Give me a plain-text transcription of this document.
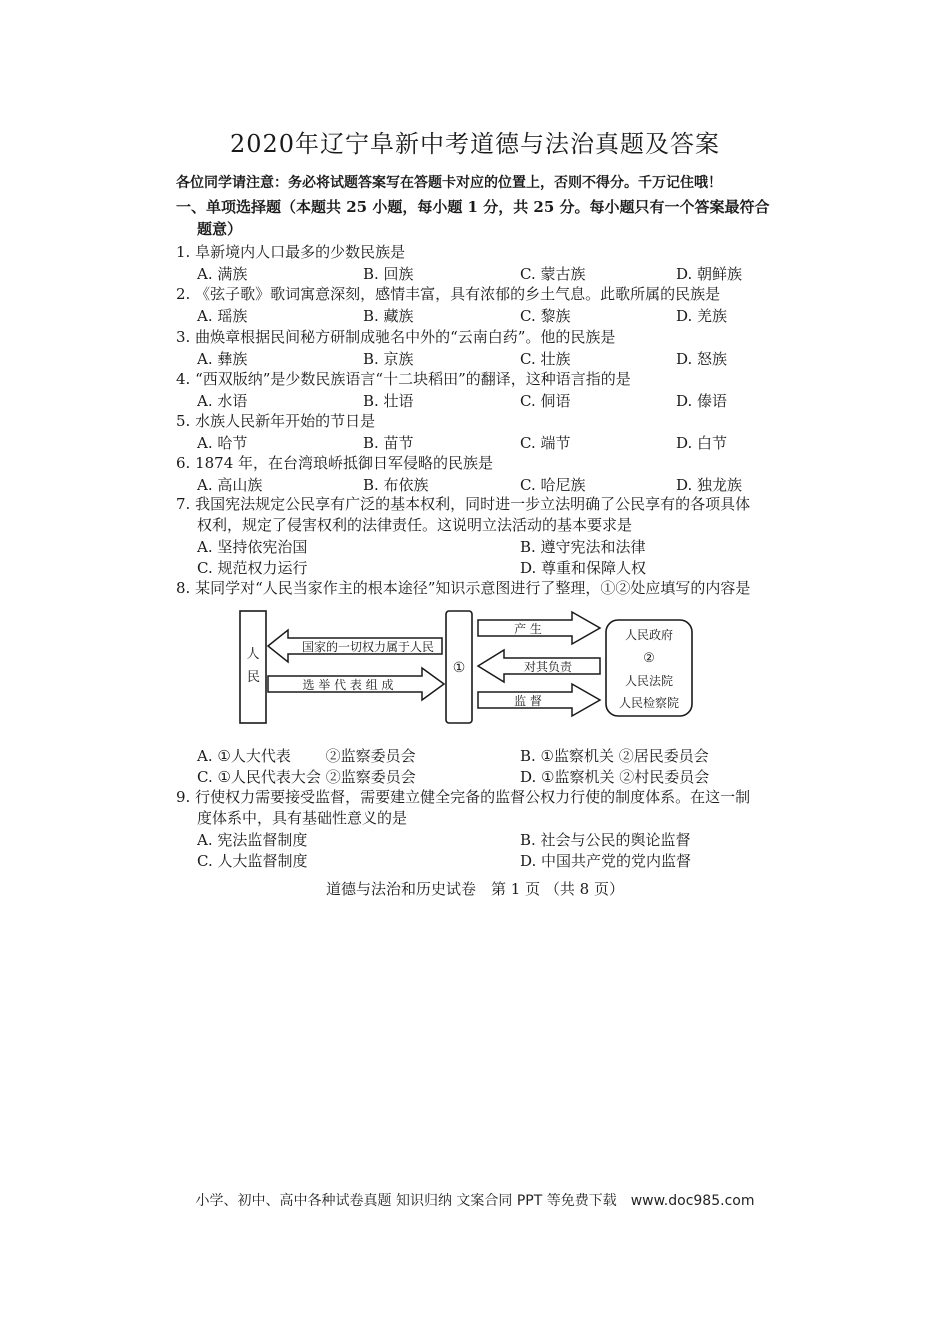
2020年辽宁阜新中考道德与法治真题及答案
各位同学请注意：务必将试题答案写在答题卡对应的位置上，否则不得分。千万记住哦！
一、单项选择题（本题共 25 小题，每小题 1 分，共 25 分。每小题只有一个答案最符合
题意）
1. 阜新境内人口最多的少数民族是
A. 满族	B. 回族	C. 蒙古族	D. 朝鲜族
2. 《弦子歌》歌词寓意深刻，感情丰富，具有浓郁的乡土气息。此歌所属的民族是
A. 瑶族	B. 藏族	C. 黎族	D. 羌族
3. 曲焕章根据民间秘方研制成驰名中外的“云南白药”。他的民族是
A. 彝族	B. 京族	C. 壮族	D. 怒族
4. “西双版纳”是少数民族语言“十二块稻田”的翻译，这种语言指的是
A. 水语	B. 壮语	C. 侗语	D. 傣语
5. 水族人民新年开始的节日是
A. 哈节	B. 苗节	C. 端节	D. 白节
6. 1874 年，在台湾琅峤抵御日军侵略的民族是
A. 高山族	B. 布依族	C. 哈尼族	D. 独龙族
7. 我国宪法规定公民享有广泛的基本权利，同时进一步立法明确了公民享有的各项具体
权利，规定了侵害权利的法律责任。这说明立法活动的基本要求是
A. 坚持依宪治国	B. 遵守宪法和法律
C. 规范权力运行	D. 尊重和保障人权
8. 某同学对“人民当家作主的根本途径”知识示意图进行了整理，①②处应填写的内容是
人
①
国家的一切权力属于人民
选 举 代 表 组 成
产 生
对其负责
监 督
人民政府
②
人民法院
人民检察院
民
A. ①人大代表　　 ②监察委员会	B. ①监察机关 ②居民委员会
C. ①人民代表大会 ②监察委员会	D. ①监察机关 ②村民委员会
9. 行使权力需要接受监督，需要建立健全完备的监督公权力行使的制度体系。在这一制
度体系中，具有基础性意义的是
A. 宪法监督制度	B. 社会与公民的舆论监督
C. 人大监督制度	D. 中国共产党的党内监督
道德与法治和历史试卷　第 1 页 （共 8 页）
小学、初中、高中各种试卷真题 知识归纳 文案合同 PPT 等免费下载　www.doc985.com
